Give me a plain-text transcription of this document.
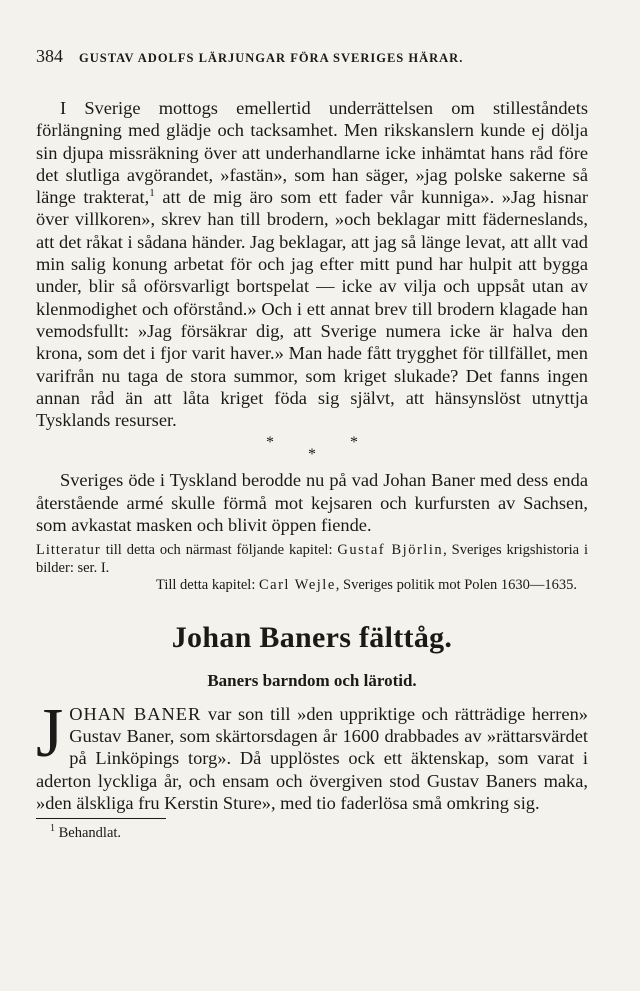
384 GUSTAV ADOLFS LÄRJUNGAR FÖRA SVERIGES HÄRAR.

I Sverige mottogs emellertid underrättelsen om stilleståndets förlängning med glädje och tacksamhet. Men rikskanslern kunde ej dölja sin djupa missräkning över att underhandlarne icke inhämtat hans råd före det slutliga avgörandet, »fastän», som han säger, »jag polske sakerne så länge trakterat,$^1$ att de mig äro som ett fader vår kunniga». »Jag hisnar över villkoren», skrev han till brodern, »och beklagar mitt fäderneslands, att det råkat i sådana händer. Jag beklagar, att jag så länge levat, att allt vad min salig konung arbetat för och jag efter mitt pund har hulpit att bygga under, blir så oförsvarligt bortspelat — icke av vilja och uppsåt utan av klenmodighet och oförstånd.» Och i ett annat brev till brodern klagade han vemodsfullt: »Jag försäkrar dig, att Sverige numera icke är halva den krona, som det i fjor varit haver.» Man hade fått trygghet för tillfället, men varifrån nu taga de stora summor, som kriget slukade? Det fanns ingen annan råd än att låta kriget föda sig självt, att hänsynslöst utnyttja Tysklands resurser.

*	*
*

Sveriges öde i Tyskland berodde nu på vad Johan Baner med dess enda återstående armé skulle förmå mot kejsaren och kurfursten av Sachsen, som avkastat masken och blivit öppen fiende.

Litteratur till detta och närmast följande kapitel: Gustaf Björlin, Sveriges krigshistoria i bilder: ser. I.
Till detta kapitel: Carl Wejle, Sveriges politik mot Polen 1630—1635.
Johan Baners fälttåg.
Baners barndom och lärotid.

JOHAN BANER var son till »den uppriktige och rätträdige herren» Gustav Baner, som skärtorsdagen år 1600 drabbades av »rättarsvärdet på Linköpings torg». Då upplöstes ock ett äktenskap, som varat i aderton lyckliga år, och ensam och övergiven stod Gustav Baners maka, »den älskliga fru Kerstin Sture», med tio faderlösa små omkring sig.

$^1$ Behandlat.
